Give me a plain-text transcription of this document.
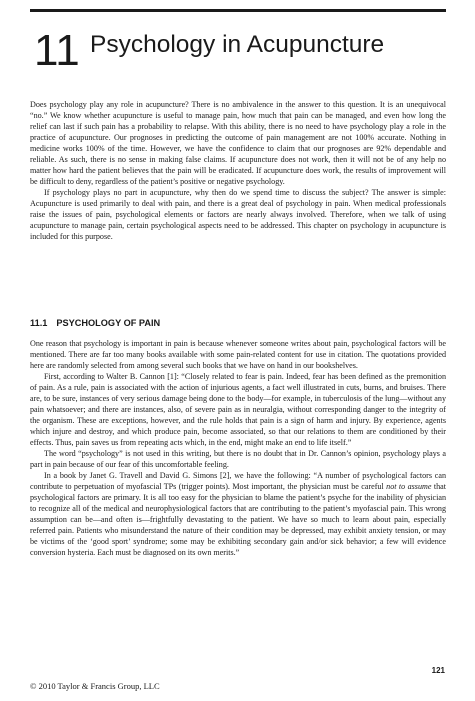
11 Psychology in Acupuncture

Does psychology play any role in acupuncture? There is no ambivalence in the answer to this question. It is an unequivocal “no.” We know whether acupuncture is useful to manage pain, how much that pain can be managed, and even how long the relief can last if such pain has a probability to relapse. With this ability, there is no need to have psychology play a role in the practice of acupuncture. Our prognoses in predicting the outcome of pain management are not 100% accurate. Nothing in medicine works 100% of the time. However, we have the confidence to claim that our prognoses are 92% dependable and reliable. As such, there is no sense in making false claims. If acupuncture does not work, then it will not be of any help no matter how hard the patient believes that the pain will be eradicated. If acupuncture does work, the results of improvement will be difficult to deny, regardless of the patient’s positive or negative psychology.

If psychology plays no part in acupuncture, why then do we spend time to discuss the subject? The answer is simple: Acupuncture is used primarily to deal with pain, and there is a great deal of psychology in pain. When medical professionals raise the issues of pain, psychological elements or factors are nearly always involved. Therefore, when we talk of using acupuncture to manage pain, certain psychological aspects need to be addressed. This chapter on psychology in acupuncture is included for this purpose.

11.1 PSYCHOLOGY OF PAIN

One reason that psychology is important in pain is because whenever someone writes about pain, psychological factors will be mentioned. There are far too many books available with some pain-related content for use in citation. The quotations provided here are randomly selected from among several such books that we have on hand in our bookshelves.

First, according to Walter B. Cannon [1]: “Closely related to fear is pain. Indeed, fear has been defined as the premonition of pain. As a rule, pain is associated with the action of injurious agents, a fact well illustrated in cuts, burns, and bruises. There are, to be sure, instances of very serious damage being done to the body—for example, in tuberculosis of the lung—without any pain whatsoever; and there are instances, also, of severe pain as in neuralgia, without corresponding danger to the integrity of the organism. These are exceptions, however, and the rule holds that pain is a sign of harm and injury. By experience, agents which injure and destroy, and which produce pain, become associated, so that our relations to them are conditioned by their effects. Thus, pain saves us from repeating acts which, in the end, might make an end to life itself.”

The word “psychology” is not used in this writing, but there is no doubt that in Dr. Cannon’s opinion, psychology plays a part in pain because of our fear of this uncomfortable feeling.

In a book by Janet G. Travell and David G. Simons [2], we have the following: “A number of psychological factors can contribute to perpetuation of myofascial TPs (trigger points). Most important, the physician must be careful not to assume that psychological factors are primary. It is all too easy for the physician to blame the patient’s psyche for the inability of physician to recognize all of the medical and neurophysiological factors that are contributing to the patient’s myofascial pain. This wrong assumption can be—and often is—frightfully devastating to the patient. We have so much to learn about pain, especially referred pain. Patients who misunderstand the nature of their condition may be depressed, may exhibit anxiety tension, or may be victims of the ‘good sport’ syndrome; some may be exhibiting secondary gain and/or sick behavior; a few will evidence conversion hysteria. Each must be diagnosed on its own merits.”

121
© 2010 Taylor & Francis Group, LLC
